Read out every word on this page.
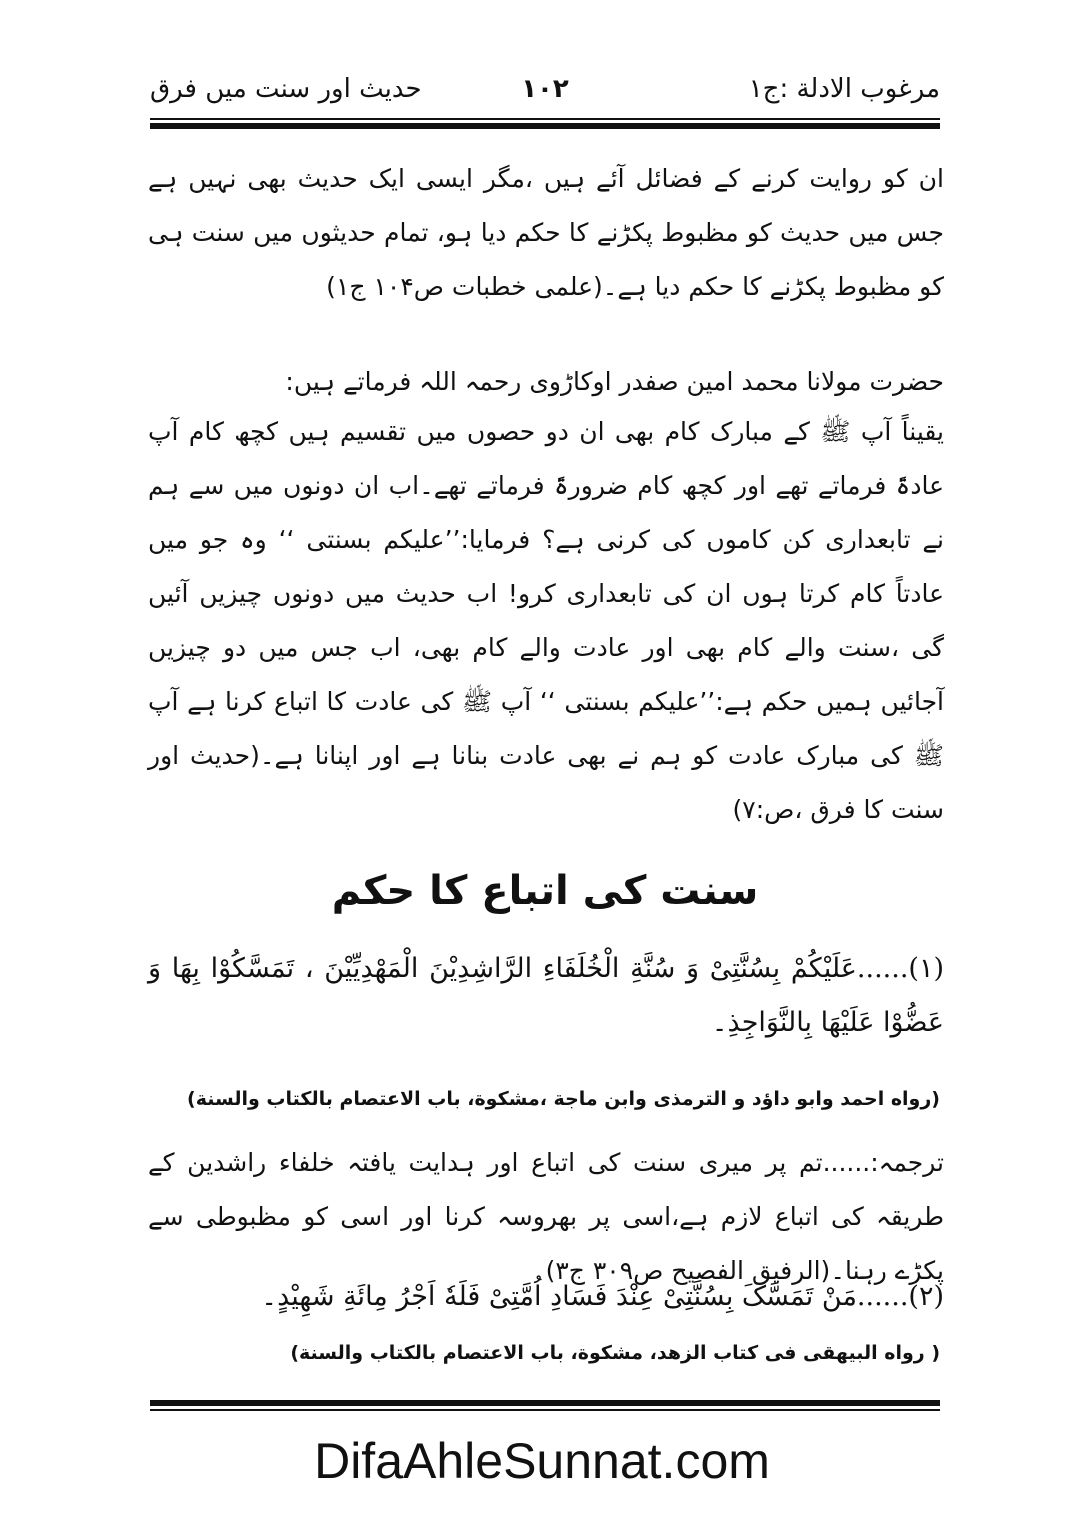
مرغوب الادلة :ج۱
۱۰۲
حدیث اور سنت میں فرق
ان کو روایت کرنے کے فضائل آئے ہیں ،مگر ایسی ایک حدیث بھی نہیں ہے جس میں حدیث کو مظبوط پکڑنے کا حکم دیا ہو، تمام حدیثوں میں سنت ہی کو مظبوط پکڑنے کا حکم دیا ہے۔(علمی خطبات ص۱۰۴ ج۱)
حضرت مولانا محمد امین صفدر اوکاڑوی رحمہ اللہ فرماتے ہیں:
یقیناً آپ ﷺ کے مبارک کام بھی ان دو حصوں میں تقسیم ہیں کچھ کام آپ عادۃً فرماتے تھے اور کچھ کام ضرورۃً فرماتے تھے۔اب ان دونوں میں سے ہم نے تابعداری کن کاموں کی کرنی ہے؟ فرمایا:’’علیکم بسنتی ‘‘ وہ جو میں عادتاً کام کرتا ہوں ان کی تابعداری کرو! اب حدیث میں دونوں چیزیں آئیں گی ،سنت والے کام بھی اور عادت والے کام بھی، اب جس میں دو چیزیں آجائیں ہمیں حکم ہے:’’علیکم بسنتی ‘‘ آپ ﷺ کی عادت کا اتباع کرنا ہے آپ ﷺ کی مبارک عادت کو ہم نے بھی عادت بنانا ہے اور اپنانا ہے۔(حدیث اور سنت کا فرق ،ص:۷)
سنت کی اتباع کا حکم
(۱)......عَلَیْکُمْ بِسُنَّتِیْ وَ سُنَّةِ الْخُلَفَاءِ الرَّاشِدِیْنَ الْمَهْدِیِّیْنَ ، تَمَسَّکُوْا بِهَا وَ عَضُّوْا عَلَیْهَا بِالنَّوَاجِذِ۔
(رواه احمد وابو داؤد و الترمذی وابن ماجة ،مشکوة، باب الاعتصام بالکتاب والسنة)
ترجمہ:......تم پر میری سنت کی اتباع اور ہدایت یافتہ خلفاء راشدین کے طریقہ کی اتباع لازم ہے،اسی پر بھروسہ کرنا اور اسی کو مظبوطی سے پکڑے رہنا۔(الرفیق الفصیح ص۳۰۹ ج۳)
(۲)......مَنْ تَمَسَّکَ بِسُنَّتِیْ عِنْدَ فَسَادِ اُمَّتِیْ فَلَهٗ اَجْرُ مِائَةِ شَهِیْدٍ۔
( رواه البیهقی فی کتاب الزهد، مشکوة، باب الاعتصام بالکتاب والسنة)
DifaAhleSunnat.com
